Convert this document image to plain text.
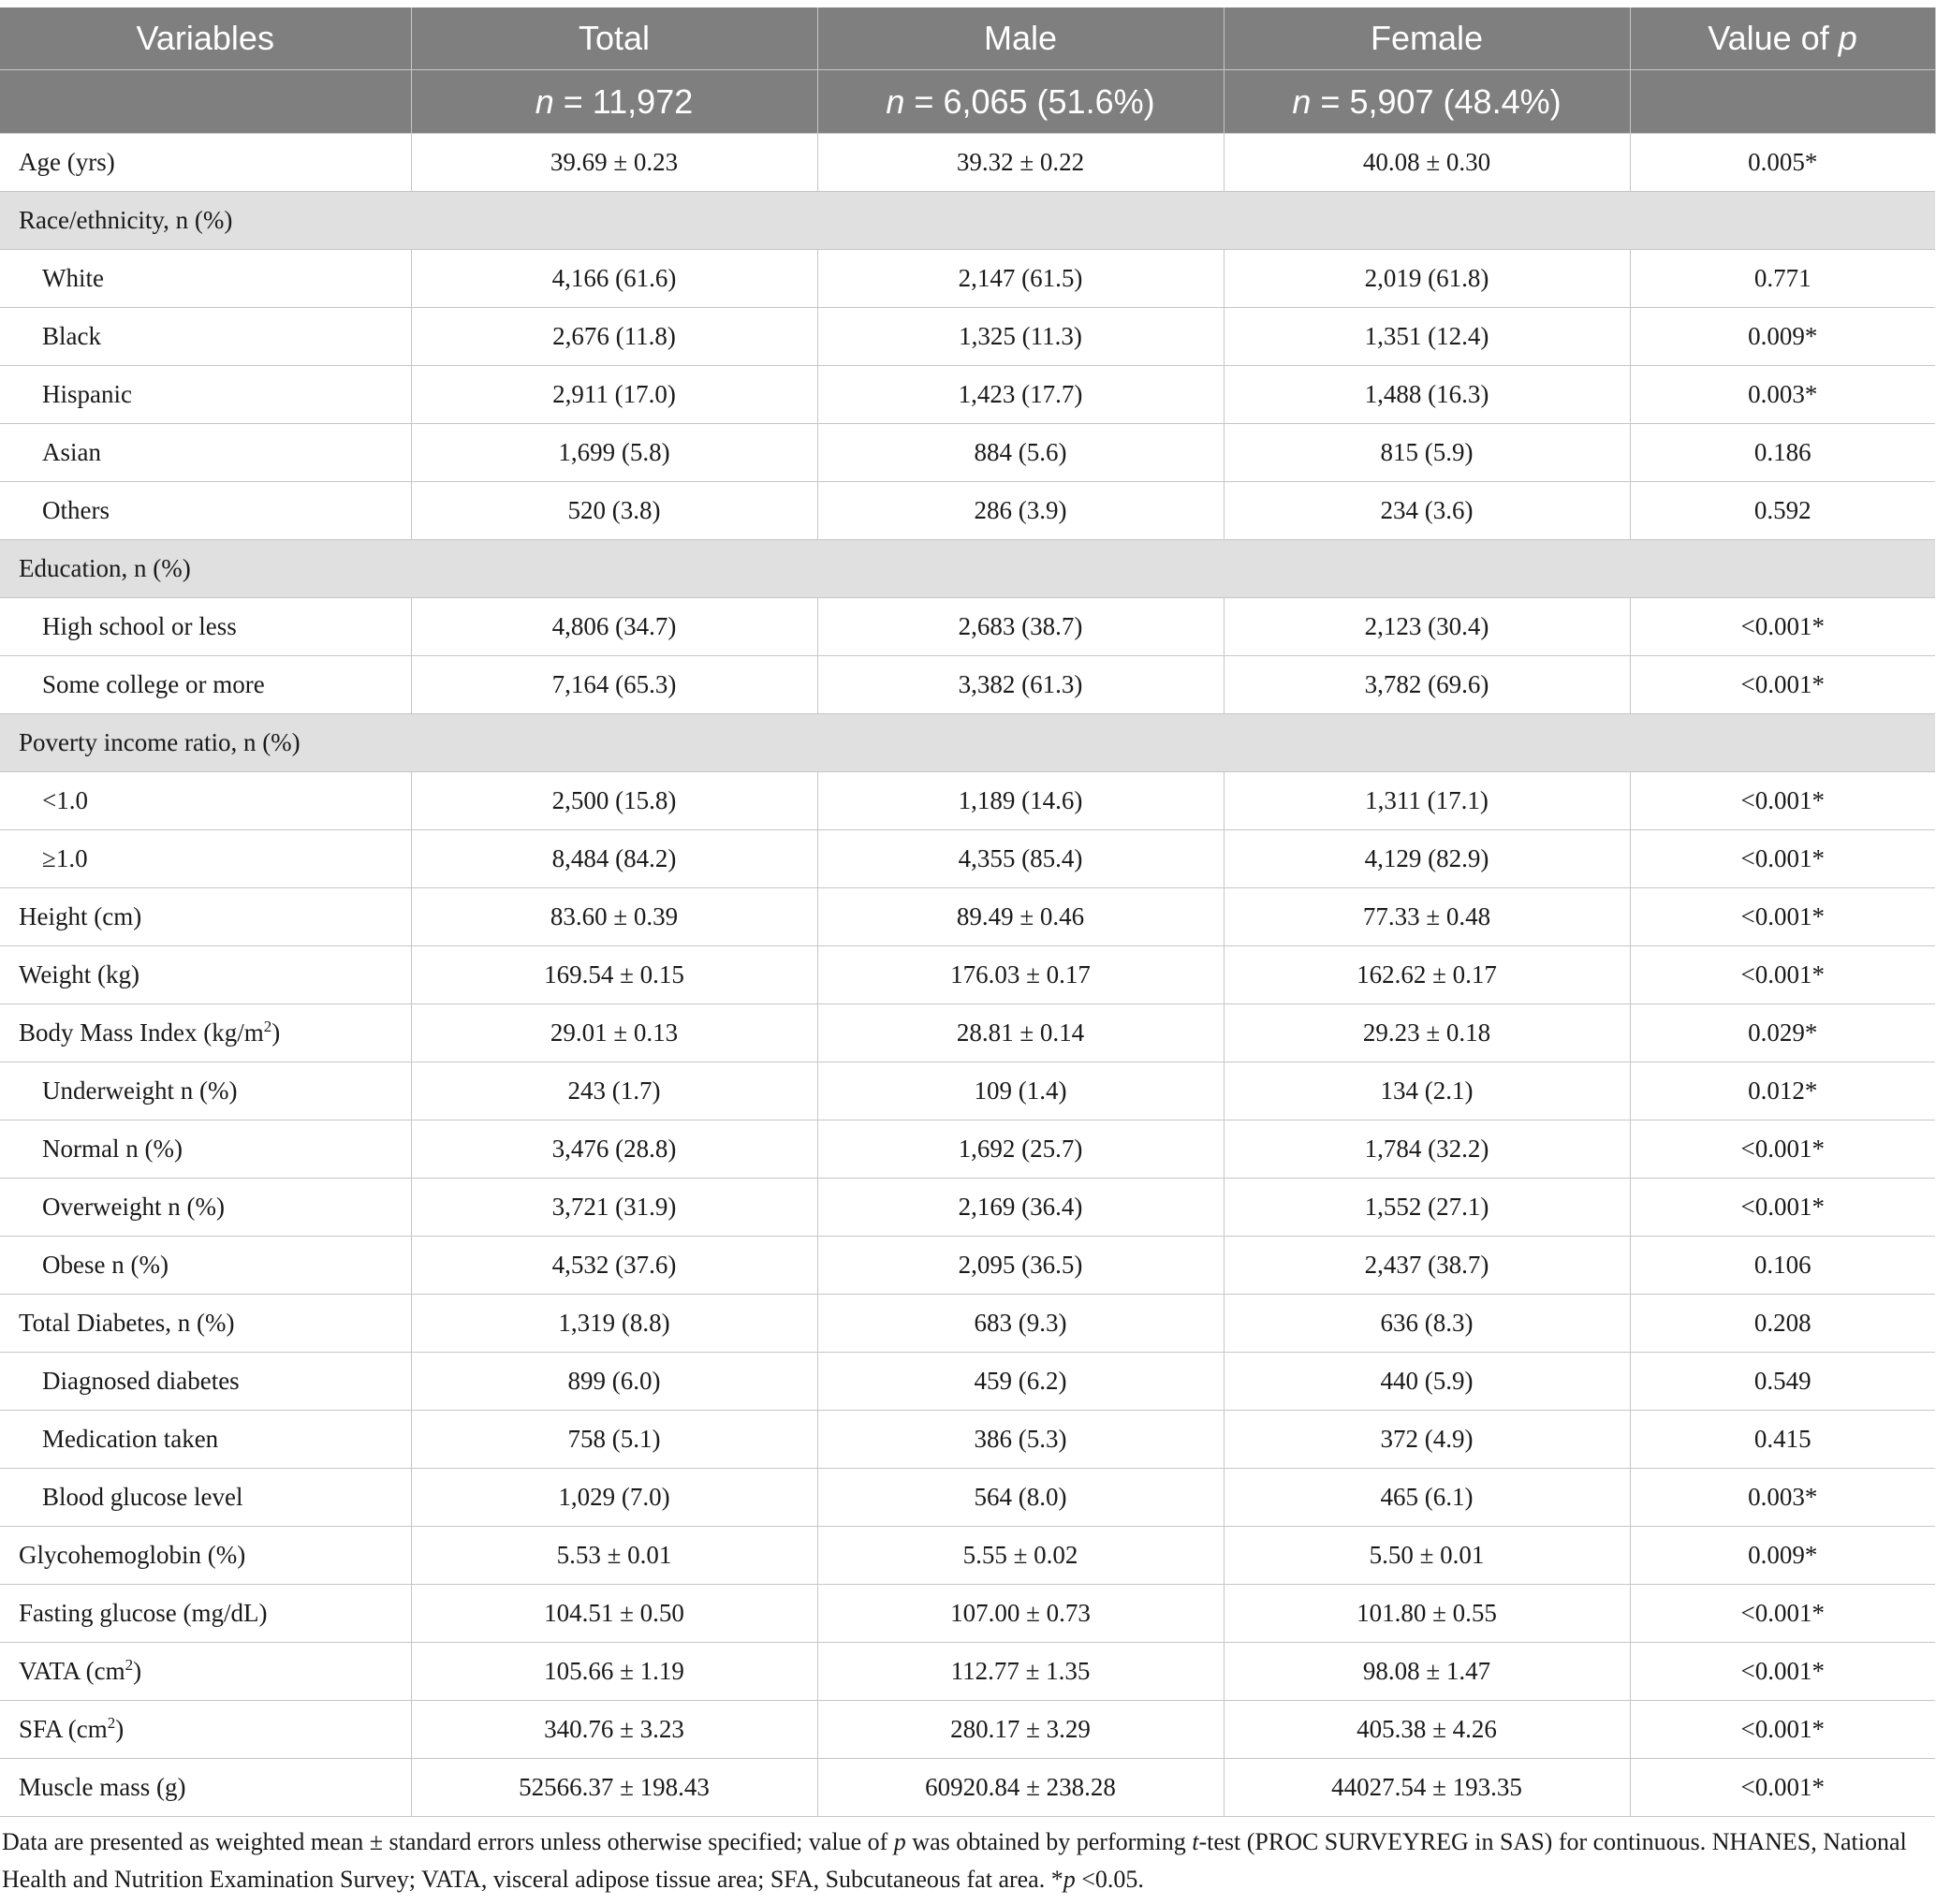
Variables	Total	Male	Female	Value of p
	n = 11,972	n = 6,065 (51.6%)	n = 5,907 (48.4%)	
Age (yrs)	39.69 ± 0.23	39.32 ± 0.22	40.08 ± 0.30	0.005*
Race/ethnicity, n (%)				
White	4,166 (61.6)	2,147 (61.5)	2,019 (61.8)	0.771
Black	2,676 (11.8)	1,325 (11.3)	1,351 (12.4)	0.009*
Hispanic	2,911 (17.0)	1,423 (17.7)	1,488 (16.3)	0.003*
Asian	1,699 (5.8)	884 (5.6)	815 (5.9)	0.186
Others	520 (3.8)	286 (3.9)	234 (3.6)	0.592
Education, n (%)				
High school or less	4,806 (34.7)	2,683 (38.7)	2,123 (30.4)	<0.001*
Some college or more	7,164 (65.3)	3,382 (61.3)	3,782 (69.6)	<0.001*
Poverty income ratio, n (%)				
<1.0	2,500 (15.8)	1,189 (14.6)	1,311 (17.1)	<0.001*
≥1.0	8,484 (84.2)	4,355 (85.4)	4,129 (82.9)	<0.001*
Height (cm)	83.60 ± 0.39	89.49 ± 0.46	77.33 ± 0.48	<0.001*
Weight (kg)	169.54 ± 0.15	176.03 ± 0.17	162.62 ± 0.17	<0.001*
Body Mass Index $(kg/m^2)$	29.01 ± 0.13	28.81 ± 0.14	29.23 ± 0.18	0.029*
Underweight n (%)	243 (1.7)	109 (1.4)	134 (2.1)	0.012*
Normal n (%)	3,476 (28.8)	1,692 (25.7)	1,784 (32.2)	<0.001*
Overweight n (%)	3,721 (31.9)	2,169 (36.4)	1,552 (27.1)	<0.001*
Obese n (%)	4,532 (37.6)	2,095 (36.5)	2,437 (38.7)	0.106
Total Diabetes, n (%)	1,319 (8.8)	683 (9.3)	636 (8.3)	0.208
Diagnosed diabetes	899 (6.0)	459 (6.2)	440 (5.9)	0.549
Medication taken	758 (5.1)	386 (5.3)	372 (4.9)	0.415
Blood glucose level	1,029 (7.0)	564 (8.0)	465 (6.1)	0.003*
Glycohemoglobin (%)	5.53 ± 0.01	5.55 ± 0.02	5.50 ± 0.01	0.009*
Fasting glucose (mg/dL)	104.51 ± 0.50	107.00 ± 0.73	101.80 ± 0.55	<0.001*
VATA $(cm^2)$	105.66 ± 1.19	112.77 ± 1.35	98.08 ± 1.47	<0.001*
SFA $(cm^2)$	340.76 ± 3.23	280.17 ± 3.29	405.38 ± 4.26	<0.001*
Muscle mass (g)	52566.37 ± 198.43	60920.84 ± 238.28	44027.54 ± 193.35	<0.001*
Data are presented as weighted mean ± standard errors unless otherwise specified; value of p was obtained by performing t-test (PROC SURVEYREG in SAS) for continuous. NHANES, National Health and Nutrition Examination Survey; VATA, visceral adipose tissue area; SFA, Subcutaneous fat area. *p <0.05.
